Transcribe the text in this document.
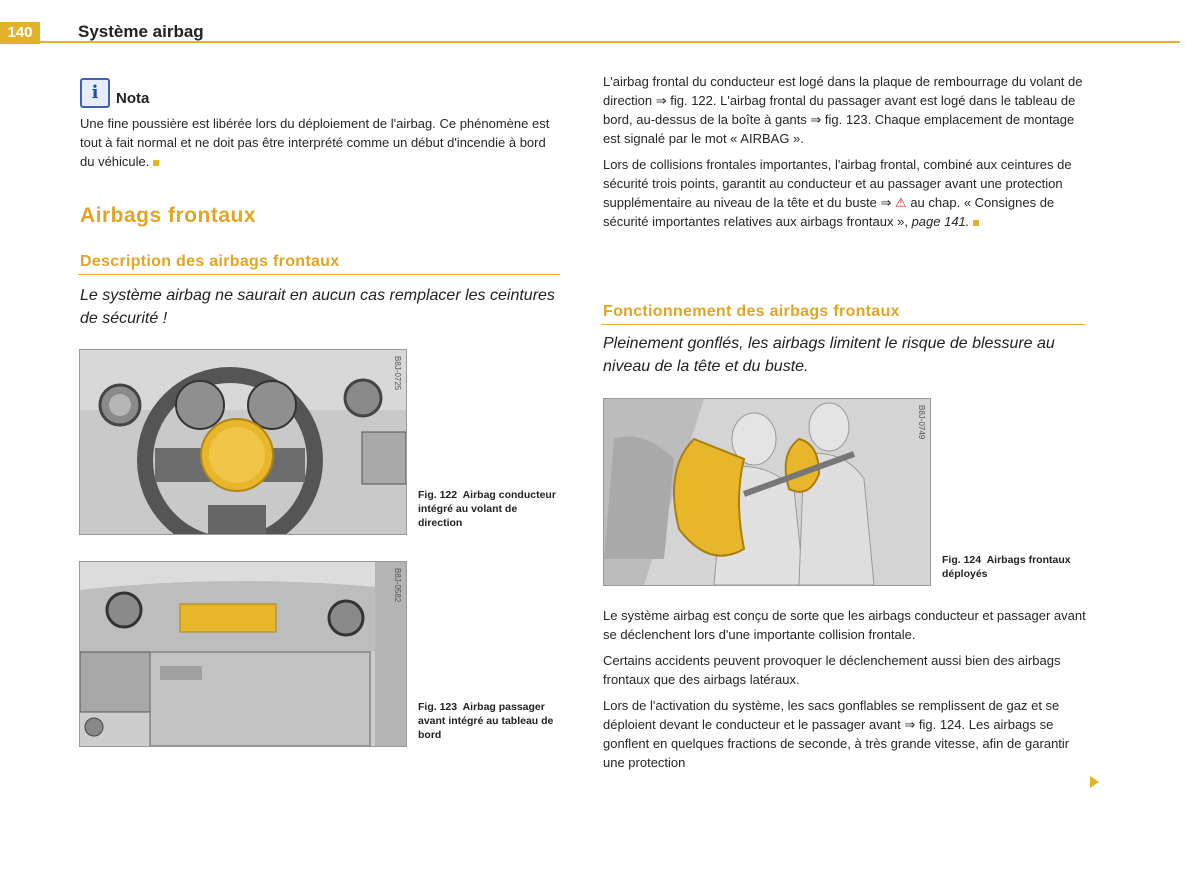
140	Système airbag
i	Nota

Une fine poussière est libérée lors du déploiement de l'airbag. Ce phénomène est tout à fait normal et ne doit pas être interprété comme un début d'incendie à bord du véhicule.

Airbags frontaux
Description des airbags frontaux
Le système airbag ne saurait en aucun cas remplacer les ceintures de sécurité !
B8J-0725
Fig. 122 Airbag conducteur intégré au volant de direction
B8J-0582
Fig. 123 Airbag passager avant intégré au tableau de bord

L'airbag frontal du conducteur est logé dans la plaque de rembourrage du volant de direction ⇒ fig. 122. L'airbag frontal du passager avant est logé dans le tableau de bord, au-dessus de la boîte à gants ⇒ fig. 123. Chaque emplacement de montage est signalé par le mot « AIRBAG ».

Lors de collisions frontales importantes, l'airbag frontal, combiné aux ceintures de sécurité trois points, garantit au conducteur et au passager avant une protection supplémentaire au niveau de la tête et du buste ⇒ ⚠ au chap. « Consignes de sécurité importantes relatives aux airbags frontaux », page 141.

Fonctionnement des airbags frontaux
Pleinement gonflés, les airbags limitent le risque de blessure au niveau de la tête et du buste.
B8J-0749
Fig. 124 Airbags frontaux déployés

Le système airbag est conçu de sorte que les airbags conducteur et passager avant se déclenchent lors d'une importante collision frontale.

Certains accidents peuvent provoquer le déclenchement aussi bien des airbags frontaux que des airbags latéraux.

Lors de l'activation du système, les sacs gonflables se remplissent de gaz et se déploient devant le conducteur et le passager avant ⇒ fig. 124. Les airbags se gonflent en quelques fractions de seconde, à très grande vitesse, afin de garantir une protection
